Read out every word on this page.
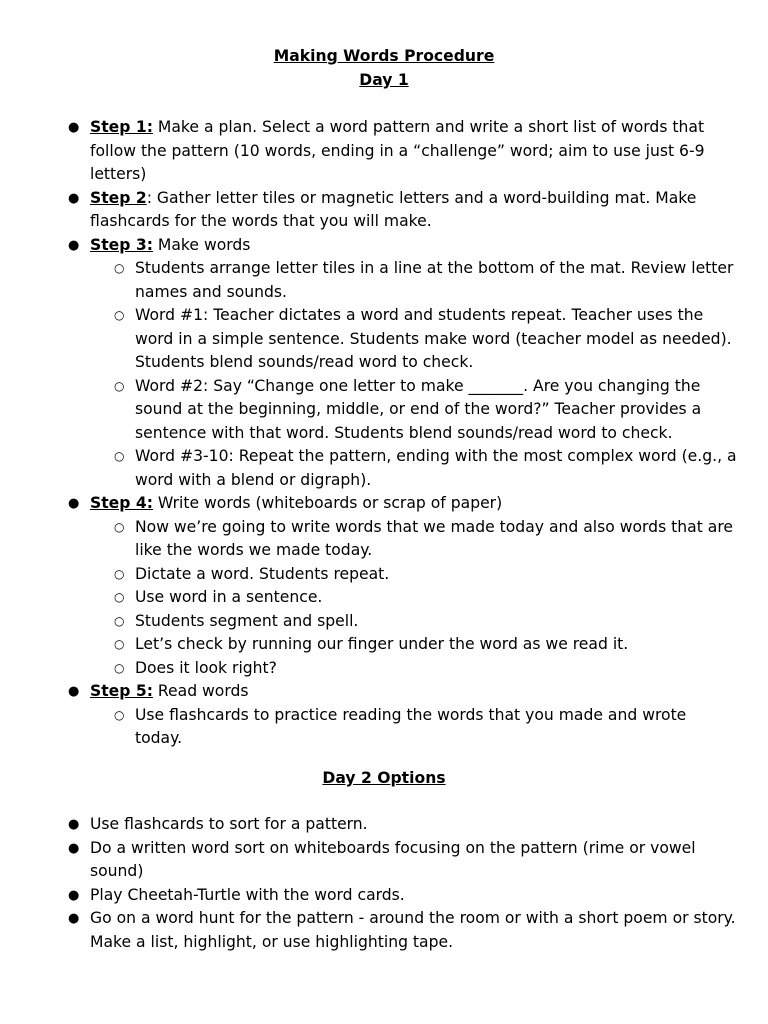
Making Words Procedure

Day 1

● Step 1: Make a plan. Select a word pattern and write a short list of words that follow the pattern (10 words, ending in a “challenge” word; aim to use just 6-9 letters)
● Step 2: Gather letter tiles or magnetic letters and a word-building mat. Make flashcards for the words that you will make.
● Step 3: Make words
○ Students arrange letter tiles in a line at the bottom of the mat. Review letter names and sounds.
○ Word #1: Teacher dictates a word and students repeat. Teacher uses the word in a simple sentence. Students make word (teacher model as needed). Students blend sounds/read word to check.
○ Word #2: Say “Change one letter to make _______. Are you changing the sound at the beginning, middle, or end of the word?” Teacher provides a sentence with that word. Students blend sounds/read word to check.
○ Word #3-10: Repeat the pattern, ending with the most complex word (e.g., a word with a blend or digraph).
● Step 4: Write words (whiteboards or scrap of paper)
○ Now we’re going to write words that we made today and also words that are like the words we made today.
○ Dictate a word. Students repeat.
○ Use word in a sentence.
○ Students segment and spell.
○ Let’s check by running our finger under the word as we read it.
○ Does it look right?
● Step 5: Read words
○ Use flashcards to practice reading the words that you made and wrote today.

Day 2 Options

● Use flashcards to sort for a pattern.
● Do a written word sort on whiteboards focusing on the pattern (rime or vowel sound)
● Play Cheetah-Turtle with the word cards.
● Go on a word hunt for the pattern - around the room or with a short poem or story. Make a list, highlight, or use highlighting tape.
